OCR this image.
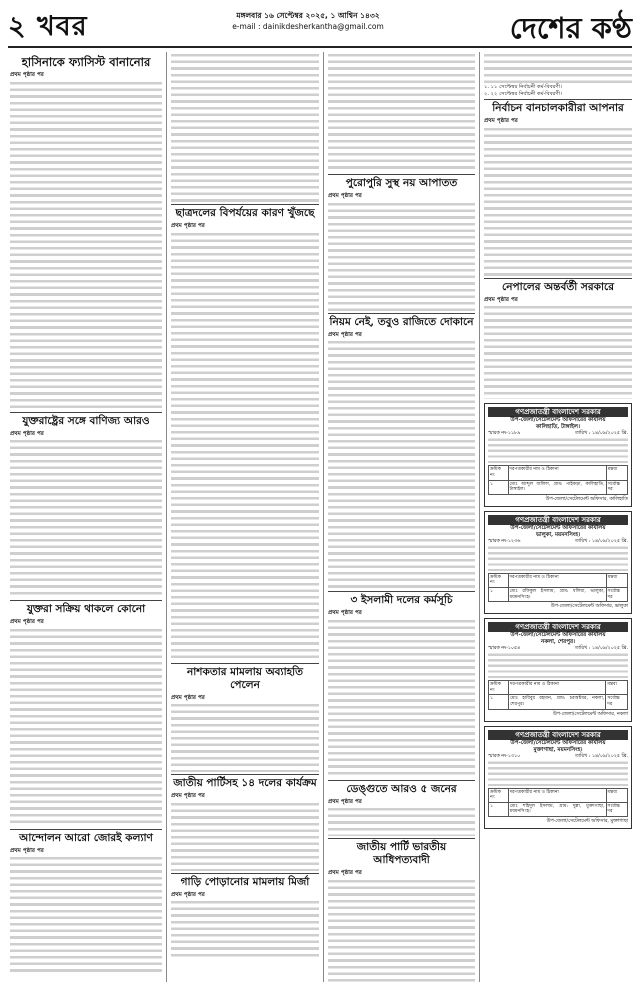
২ খবর	মঙ্গলবার ১৬ সেপ্টেম্বর ২০২৫, ১ আশ্বিন ১৪৩২
e-mail : dainikdesherkantha@gmail.com	দেশের কণ্ঠ
হাসিনাকে ফ্যাসিস্ট বানানোর
প্রথম পৃষ্ঠার পর
যুক্তরাষ্ট্রের সঙ্গে বাণিজ্য আরও
প্রথম পৃষ্ঠার পর
যুক্তরা সক্রিয় থাকলে কোনো
প্রথম পৃষ্ঠার পর
আন্দোলন আরো জোরই কল্যাণ
প্রথম পৃষ্ঠার পর
ছাত্রদলের বিপর্যয়ের কারণ খুঁজছে
প্রথম পৃষ্ঠার পর
নাশকতার মামলায় অব্যাহতি পেলেন
প্রথম পৃষ্ঠার পর
জাতীয় পার্টিসহ ১৪ দলের কার্যক্রম
প্রথম পৃষ্ঠার পর
গাড়ি পোড়ানোর মামলায় মির্জা
প্রথম পৃষ্ঠার পর
পুরোপুরি সুস্থ নয় আপাতত
প্রথম পৃষ্ঠার পর
নিয়ম নেই, তবুও রাজিতে দোকানে
প্রথম পৃষ্ঠার পর
৩ ইসলামী দলের কর্মসূচি
প্রথম পৃষ্ঠার পর
ডেঙ্গুতে আরও ৫ জনের
প্রথম পৃষ্ঠার পর
জাতীয় পার্টি ভারতীয় আধিপত্যবাদী
প্রথম পৃষ্ঠার পর
১. ১১ সেপ্টেম্বর নির্বাচনী কর্ম-বিবরণী।
২. ২২ সেপ্টেম্বর নির্বাচনী কর্ম-বিবরণী।
নির্বাচন বানচালকারীরা আপনার
প্রথম পৃষ্ঠার পর
নেপালের অন্তর্বর্তী সরকারে
প্রথম পৃষ্ঠার পর
গণপ্রজাতন্ত্রী বাংলাদেশ সরকার
উপ-জেলা/সেটেলমেন্ট অফিসারের কার্যালয়
কালিহাতি, টাঙ্গাইল।
স্মারক নং-১১৮৯	তারিখ : ১৪/০৯/২০২৫ খ্রি.
ক্রমিক নং	দরপত্রকারীর নাম ও ঠিকানা	মন্তব্য
১	মোঃ আব্দুল জলিল, গ্রাম: পাইকড়া, কালিহাতি, টাঙ্গাইল।	সর্বোচ্চ দর
উপ-জেলা/সেটেলমেন্ট অফিসার, কালিহাতি
গণপ্রজাতন্ত্রী বাংলাদেশ সরকার
উপ-জেলা/সেটেলমেন্ট অফিসারের কার্যালয়
ভালুকা, ময়মনসিংহ।
স্মারক নং-১২৩৬	তারিখ : ১৪/০৯/২০২৫ খ্রি.
ক্রমিক নং	দরপত্রকারীর নাম ও ঠিকানা	মন্তব্য
১	মোঃ রফিকুল ইসলাম, গ্রাম: ধলিয়া, ভালুকা, ময়মনসিংহ।	সর্বোচ্চ দর
উপ-জেলা/সেটেলমেন্ট অফিসার, ভালুকা
গণপ্রজাতন্ত্রী বাংলাদেশ সরকার
উপ-জেলা/সেটেলমেন্ট অফিসারের কার্যালয়
নকলা, শেরপুর।
স্মারক নং-১০৫৪	তারিখ : ১৪/০৯/২০২৫ খ্রি.
ক্রমিক নং	দরপত্রকারীর নাম ও ঠিকানা	মন্তব্য
১	মোঃ হাবিবুর রহমান, গ্রাম: চরঅষ্টধর, নকলা, শেরপুর।	সর্বোচ্চ দর
উপ-জেলা/সেটেলমেন্ট অফিসার, নকলা
গণপ্রজাতন্ত্রী বাংলাদেশ সরকার
উপ-জেলা/সেটেলমেন্ট অফিসারের কার্যালয়
মুক্তাগাছা, ময়মনসিংহ।
স্মারক নং-১৩১০	তারিখ : ১৪/০৯/২০২৫ খ্রি.
ক্রমিক নং	দরপত্রকারীর নাম ও ঠিকানা	মন্তব্য
১	মোঃ শহিদুল ইসলাম, গ্রাম: দুল্লা, মুক্তাগাছা, ময়মনসিংহ।	সর্বোচ্চ দর
উপ-জেলা/সেটেলমেন্ট অফিসার, মুক্তাগাছা
